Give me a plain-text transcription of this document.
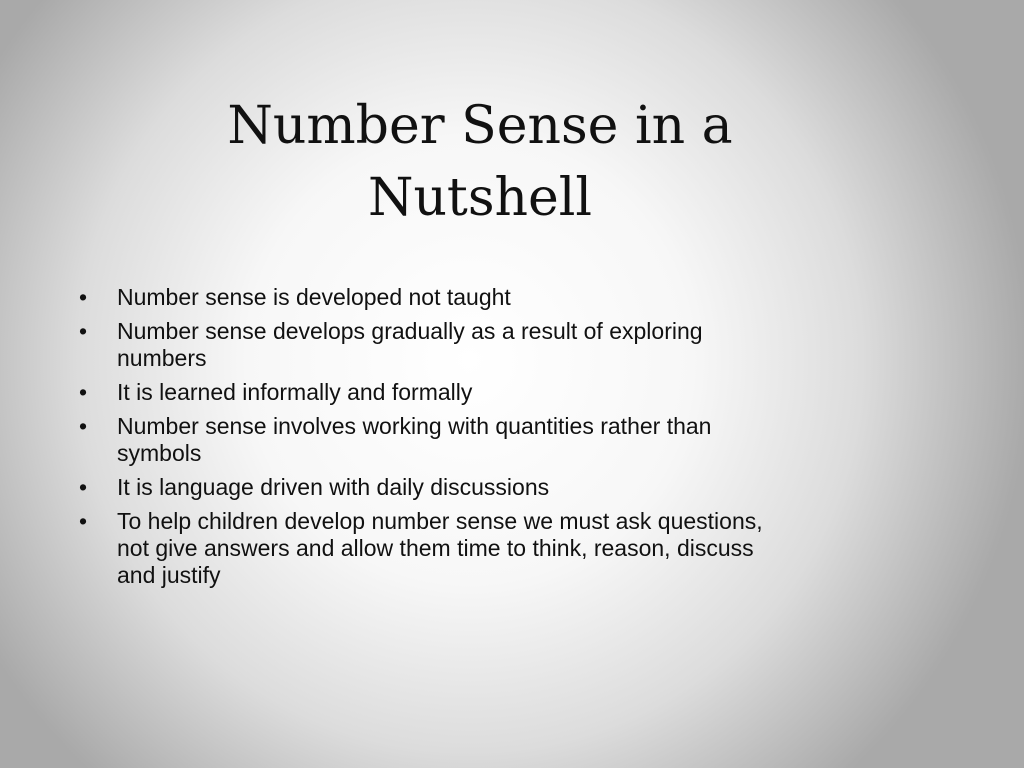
Number Sense in a Nutshell
• Number sense is developed not taught
• Number sense develops gradually as a result of exploring numbers
• It is learned informally and formally
• Number sense involves working with quantities rather than symbols
• It is language driven with daily discussions
• To help children develop number sense we must ask questions, not give answers and allow them time to think, reason, discuss and justify
